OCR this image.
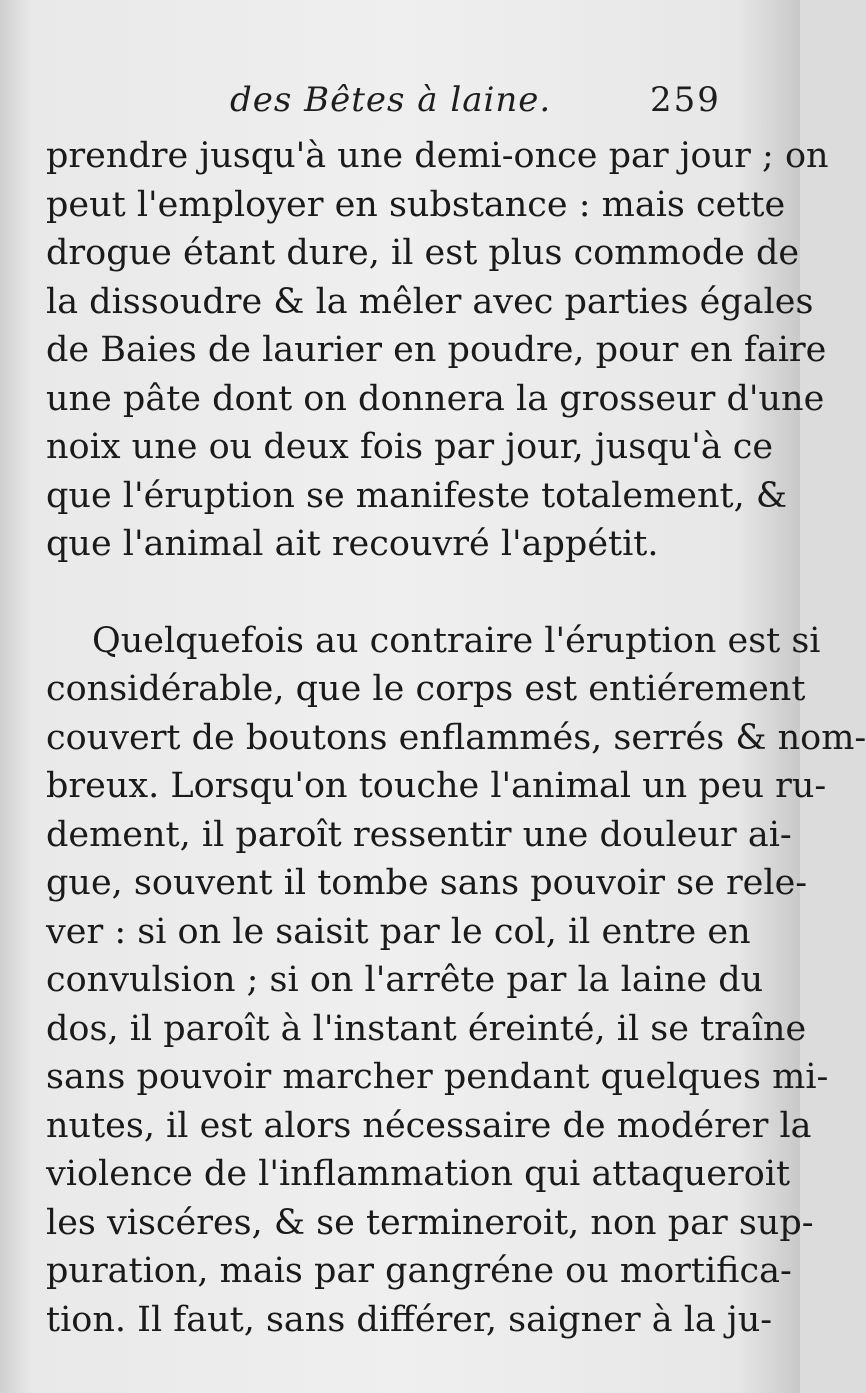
des Bêtes à laine.	259
prendre jusqu'à une demi-once par jour ; on
peut l'employer en substance : mais cette
drogue étant dure, il est plus commode de
la dissoudre & la mêler avec parties égales
de Baies de laurier en poudre, pour en faire
une pâte dont on donnera la grosseur d'une
noix une ou deux fois par jour, jusqu'à ce
que l'éruption se manifeste totalement, &
que l'animal ait recouvré l'appétit.
Quelquefois au contraire l'éruption est si
considérable, que le corps est entiérement
couvert de boutons enflammés, serrés & nom-
breux. Lorsqu'on touche l'animal un peu ru-
dement, il paroît ressentir une douleur ai-
gue, souvent il tombe sans pouvoir se rele-
ver : si on le saisit par le col, il entre en
convulsion ; si on l'arrête par la laine du
dos, il paroît à l'instant éreinté, il se traîne
sans pouvoir marcher pendant quelques mi-
nutes, il est alors nécessaire de modérer la
violence de l'inflammation qui attaqueroit
les viscéres, & se termineroit, non par sup-
puration, mais par gangréne ou mortifica-
tion. Il faut, sans différer, saigner à la ju-
